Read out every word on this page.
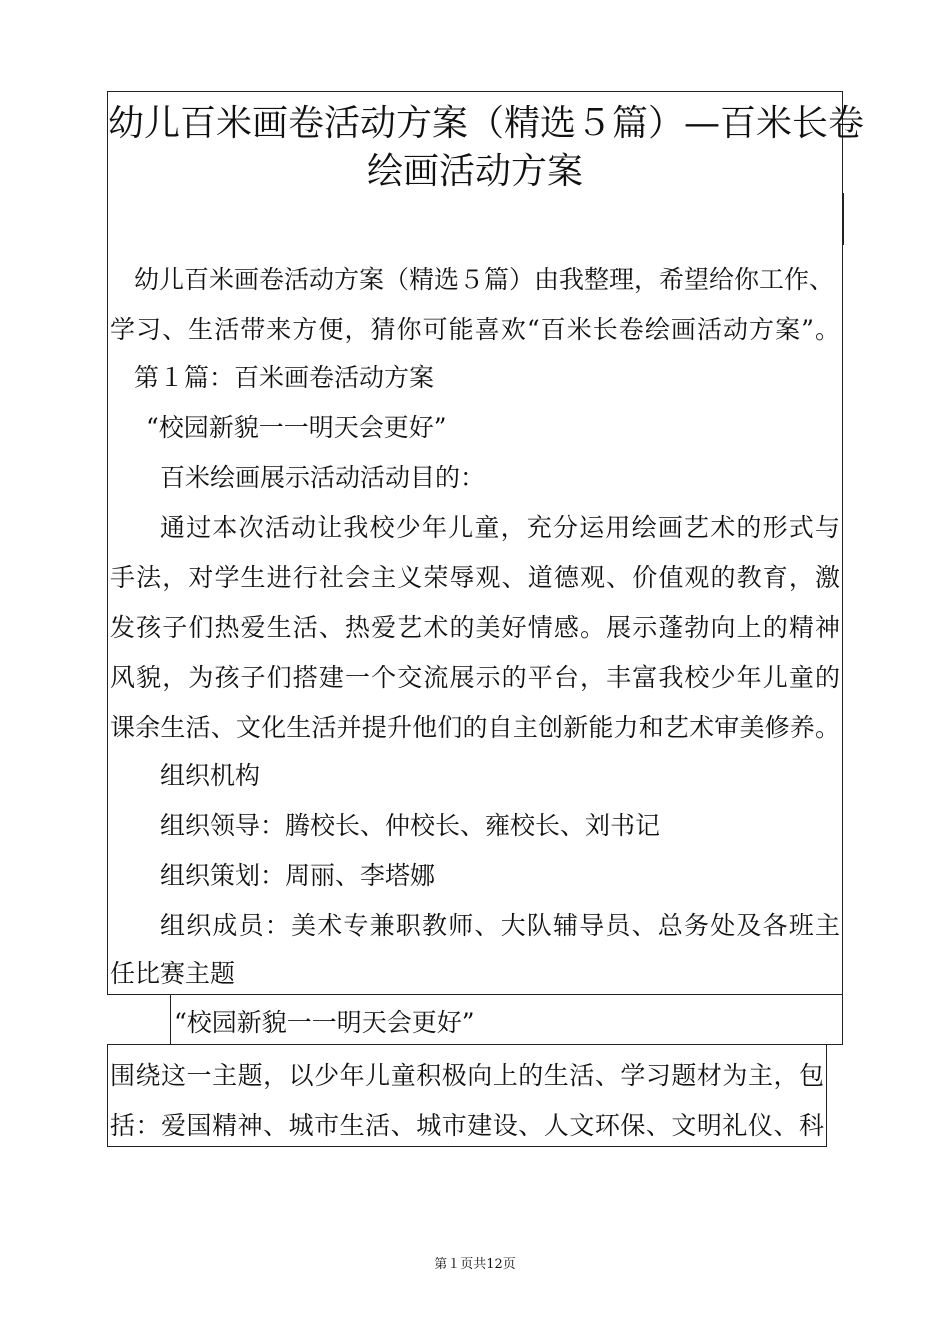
幼儿百米画卷活动方案（精选５篇）—百米长卷
绘画活动方案
幼儿百米画卷活动方案（精选５篇）由我整理，希望给你工作、
学习、生活带来方便，猜你可能喜欢“百米长卷绘画活动方案”。
第１篇：百米画卷活动方案
“校园新貌一一明天会更好”
百米绘画展示活动活动目的：
通过本次活动让我校少年儿童，充分运用绘画艺术的形式与
手法，对学生进行社会主义荣辱观、道德观、价值观的教育，激
发孩子们热爱生活、热爱艺术的美好情感。展示蓬勃向上的精神
风貌，为孩子们搭建一个交流展示的平台，丰富我校少年儿童的
课余生活、文化生活并提升他们的自主创新能力和艺术审美修养。
组织机构
组织领导：腾校长、仲校长、雍校长、刘书记
组织策划：周丽、李塔娜
组织成员：美术专兼职教师、大队辅导员、总务处及各班主
任比赛主题
“校园新貌一一明天会更好”
围绕这一主题，以少年儿童积极向上的生活、学习题材为主，包
括：爱国精神、城市生活、城市建设、人文环保、文明礼仪、科
第１页共12页
